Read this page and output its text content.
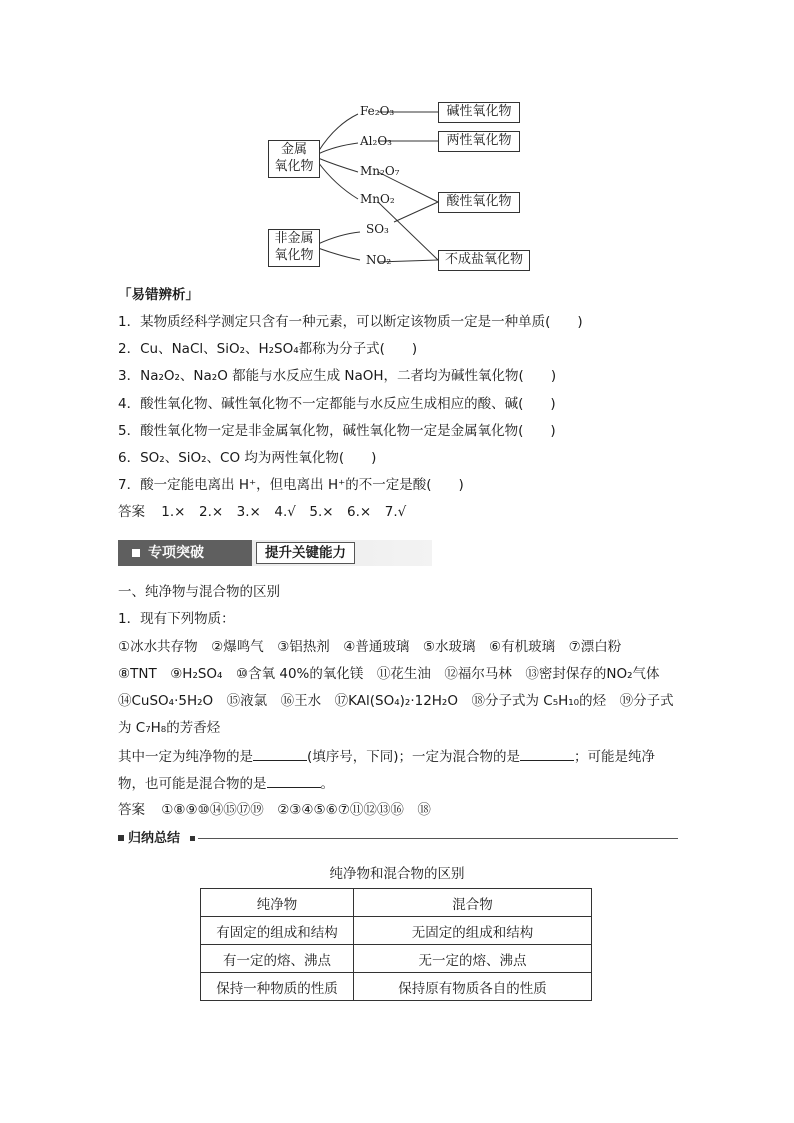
金属
氧化物
非金属
氧化物
Fe₂O₃
Al₂O₃
Mn₂O₇
MnO₂
SO₃
NO₂
碱性氧化物
两性氧化物
酸性氧化物
不成盐氧化物
「易错辨析」
1．某物质经科学测定只含有一种元素，可以断定该物质一定是一种单质(　　)
2．Cu、NaCl、SiO₂、H₂SO₄都称为分子式(　　)
3．Na₂O₂、Na₂O 都能与水反应生成 NaOH，二者均为碱性氧化物(　　)
4．酸性氧化物、碱性氧化物不一定都能与水反应生成相应的酸、碱(　　)
5．酸性氧化物一定是非金属氧化物，碱性氧化物一定是金属氧化物(　　)
6．SO₂、SiO₂、CO 均为两性氧化物(　　)
7．酸一定能电离出 H⁺，但电离出 H⁺的不一定是酸(　　)
答案 1.×　2.×　3.×　4.√　5.×　6.×　7.√
专项突破	提升关键能力
一、纯净物与混合物的区别
1．现有下列物质：
①冰水共存物　②爆鸣气　③铝热剂　④普通玻璃　⑤水玻璃　⑥有机玻璃　⑦漂白粉
⑧TNT　⑨H₂SO₄　⑩含氧 40%的氧化镁　⑪花生油　⑫福尔马林　⑬密封保存的NO₂气体
⑭CuSO₄·5H₂O　⑮液氯　⑯王水　⑰KAl(SO₄)₂·12H₂O　⑱分子式为 C₅H₁₀的烃　⑲分子式
为 C₇H₈的芳香烃
其中一定为纯净物的是	(填序号，下同)；一定为混合物的是	；可能是纯净
物，也可能是混合物的是	。
答案 ①⑧⑨⑩⑭⑮⑰⑲　②③④⑤⑥⑦⑪⑫⑬⑯　⑱
归纳总结
纯净物和混合物的区别
纯净物	混合物
有固定的组成和结构	无固定的组成和结构
有一定的熔、沸点	无一定的熔、沸点
保持一种物质的性质	保持原有物质各自的性质
